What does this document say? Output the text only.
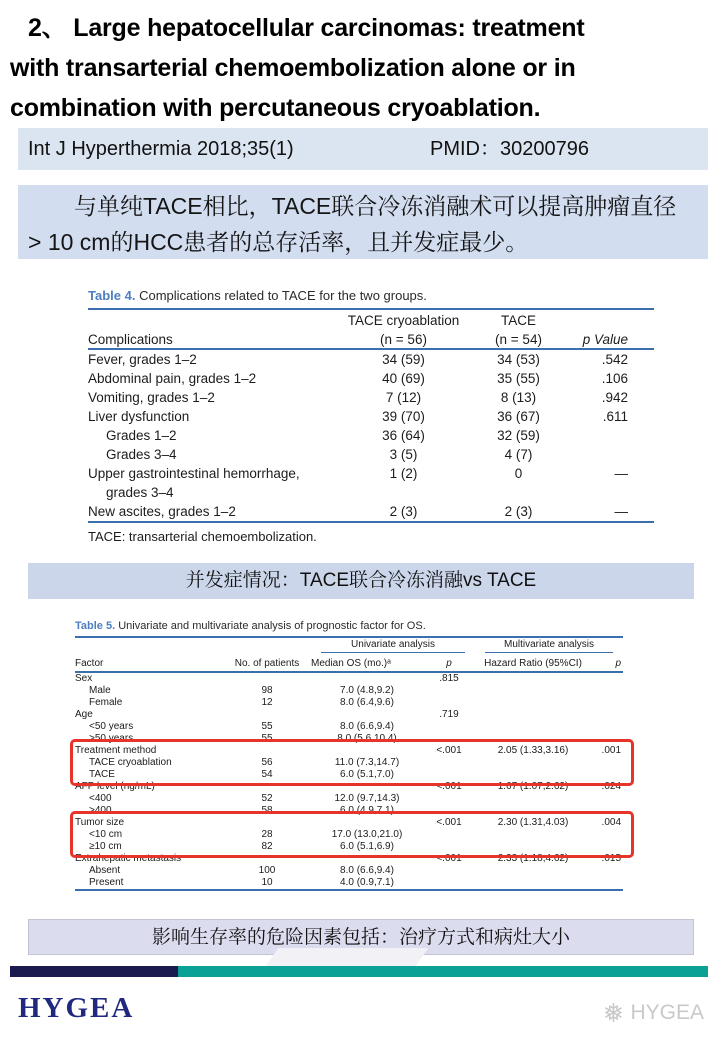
2、 Large hepatocellular carcinomas: treatment
with transarterial chemoembolization alone or in
combination with percutaneous cryoablation.
Int J Hyperthermia 2018;35(1)	PMID：30200796
与单纯TACE相比，TACE联合冷冻消融术可以提高肿瘤直径
> 10 cm的HCC患者的总存活率，且并发症最少。
Table 4. Complications related to TACE for the two groups.
	TACE cryoablation	TACE	
Complications	(n = 56)	(n = 54)	p Value
Fever, grades 1–2	34 (59)	34 (53)	.542
Abdominal pain, grades 1–2	40 (69)	35 (55)	.106
Vomiting, grades 1–2	7 (12)	8 (13)	.942
Liver dysfunction	39 (70)	36 (67)	.611
Grades 1–2	36 (64)	32 (59)	
Grades 3–4	3 (5)	4 (7)	
Upper gastrointestinal hemorrhage,	1 (2)	0	—
grades 3–4			
New ascites, grades 1–2	2 (3)	2 (3)	—
TACE: transarterial chemoembolization.
并发症情况：TACE联合冷冻消融vs TACE
Table 5. Univariate and multivariate analysis of prognostic factor for OS.

		Univariate analysis		Multivariate analysis	

Factor	No. of patients	Median OS (mo.)ᵃ	p	Hazard Ratio (95%CI)	p
Sex			.815		
Male	98	7.0 (4.8,9.2)			
Female	12	8.0 (6.4,9.6)			
Age			.719		
<50 years	55	8.0 (6.6,9.4)			
>50 years	55	8.0 (5.6,10.4)			
Treatment method			<.001	2.05 (1.33,3.16)	.001
TACE cryoablation	56	11.0 (7.3,14.7)			
TACE	54	6.0 (5.1,7.0)			
AFP level (ng/mL)			<.001	1.67 (1.07,2.62)	.024
<400	52	12.0 (9.7,14.3)			
>400	58	6.0 (4.9,7.1)			
Tumor size			<.001	2.30 (1.31,4.03)	.004
<10 cm	28	17.0 (13.0,21.0)			
≥10 cm	82	6.0 (5.1,6.9)			
Extrahepatic metastasis			<.001	2.33 (1.18,4.62)	.015
Absent	100	8.0 (6.6,9.4)			
Present	10	4.0 (0.9,7.1)			
影响生存率的危险因素包括：治疗方式和病灶大小
HYGEA	❅ HYGEA
